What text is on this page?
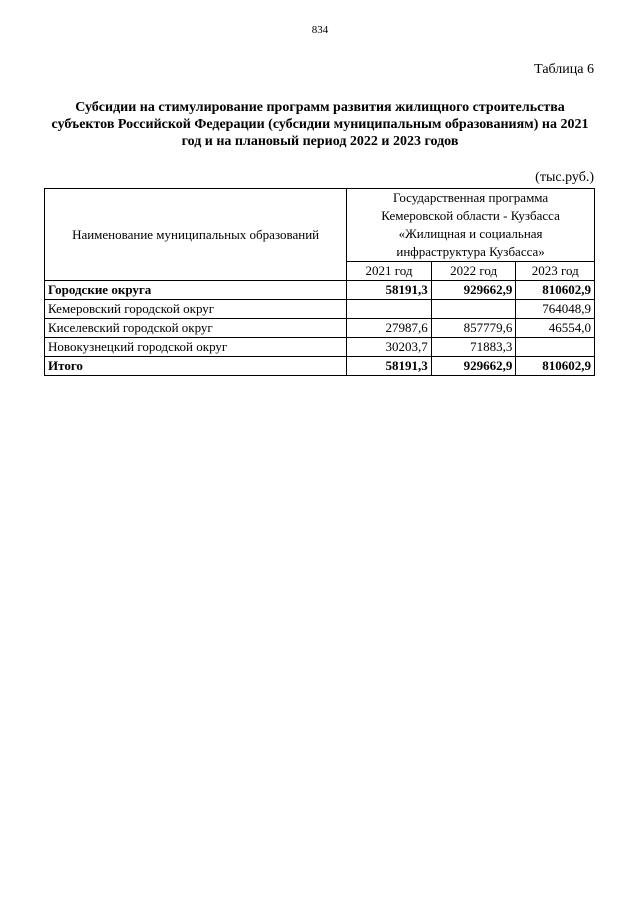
834
Таблица 6
Субсидии на стимулирование программ развития жилищного строительства
субъектов Российской Федерации (субсидии муниципальным образованиям) на 2021
год и на плановый период 2022 и 2023 годов
(тыс.руб.)
Наименование муниципальных образований	Государственная программа
Кемеровской области - Кузбасса
«Жилищная и социальная
инфраструктура Кузбасса»		

	2021 год	2022 год	2023 год
Городские округа	58191,3	929662,9	810602,9
Кемеровский городской округ			764048,9
Киселевский городской округ	27987,6	857779,6	46554,0
Новокузнецкий городской округ	30203,7	71883,3	
Итого	58191,3	929662,9	810602,9
